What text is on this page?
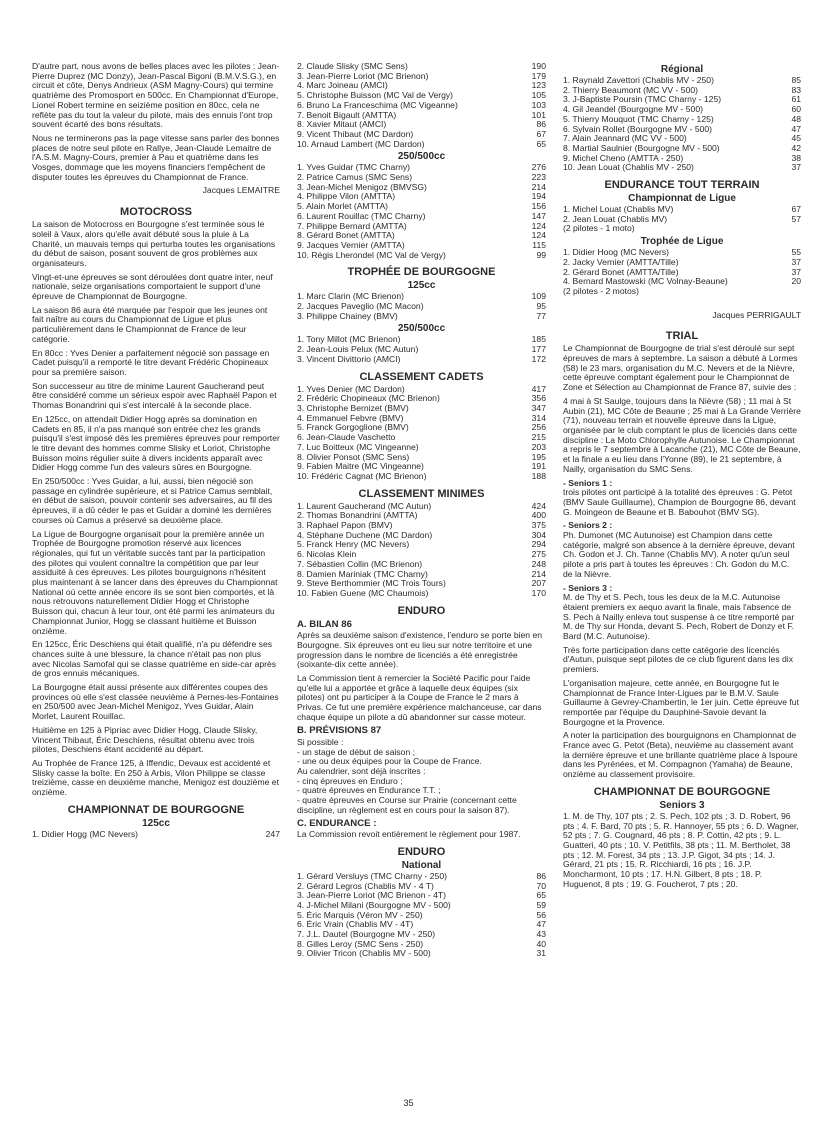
D'autre part, nous avons de belles places avec les pilotes : Jean-Pierre Duprez (MC Donzy), Jean-Pascal Bigoni (B.M.V.S.G.), en circuit et côte, Denys Andrieux (ASM Magny-Cours) qui termine quatrième des Promosport en 500cc. En Championnat d'Europe, Lionel Robert termine en seizième position en 80cc, cela ne reflète pas du tout la valeur du pilote, mais des ennuis l'ont trop souvent écarté des bons résultats.

Nous ne terminerons pas la page vitesse sans parler des bonnes places de notre seul pilote en Rallye, Jean-Claude Lemaitre de l'A.S.M. Magny-Cours, premier à Pau et quatrième dans les Vosges, dommage que les moyens financiers l'empêchent de disputer toutes les épreuves du Championnat de France.

Jacques LEMAITRE

MOTOCROSS

La saison de Motocross en Bourgogne s'est terminée sous le soleil à Vaux, alors qu'elle avait débuté sous la pluie à La Charité, un mauvais temps qui perturba toutes les organisations du début de saison, posant souvent de gros problèmes aux organisateurs.

Vingt-et-une épreuves se sont déroulées dont quatre inter, neuf nationale, seize organisations comportaient le support d'une épreuve de Championnat de Bourgogne.

La saison 86 aura été marquée par l'espoir que les jeunes ont fait naître au cours du Championnat de Ligue et plus particulièrement dans le Championnat de France de leur catégorie.

En 80cc : Yves Denier a parfaitement négocié son passage en Cadet puisqu'il a remporté le titre devant Frédéric Chopineaux pour sa première saison.

Son successeur au titre de minime Laurent Gaucherand peut être considéré comme un sérieux espoir avec Raphaël Papon et Thomas Bonandrini qui s'est intercalé à la seconde place.

En 125cc, on attendait Didier Hogg après sa domination en Cadets en 85, il n'a pas manqué son entrée chez les grands puisqu'il s'est imposé dès les premières épreuves pour remporter le titre devant des hommes comme Slisky et Loriot, Christophe Buisson moins régulier suite à divers incidents apparaît avec Didier Hogg comme l'un des valeurs sûres en Bourgogne.

En 250/500cc : Yves Guidar, a lui, aussi, bien négocié son passage en cylindrée supérieure, et si Patrice Camus semblait, en début de saison, pouvoir contenir ses adversaires, au fil des épreuves, il a dû céder le pas et Guidar a dominé les dernières courses où Camus a préservé sa deuxième place.

La Ligue de Bourgogne organisait pour la première année un Trophée de Bourgogne promotion réservé aux licences régionales, qui fut un véritable succès tant par la participation des pilotes qui voulent connaître la compétition que par leur assiduité à ces épreuves. Les pilotes bourguignons n'hésitent plus maintenant à se lancer dans des épreuves du Championnat National où cette année encore ils se sont bien comportés, et là nous retrouvons naturellement Didier Hogg et Christophe Buisson qui, chacun à leur tour, ont été parmi les animateurs du Championnat Junior, Hogg se classant huitième et Buisson onzième.

En 125cc, Éric Deschiens qui était qualifié, n'a pu défendre ses chances suite à une blessure, la chance n'était pas non plus avec Nicolas Samofal qui se classe quatrième en side-car après de gros ennuis mécaniques.

La Bourgogne était aussi présente aux différentes coupes des provinces où elle s'est classée neuvième à Pernes-les-Fontaines en 250/500 avec Jean-Michel Menigoz, Yves Guidar, Alain Morlet, Laurent Rouillac.

Huitième en 125 à Pipriac avec Didier Hogg, Claude Slisky, Vincent Thibaut, Éric Deschiens, résultat obtenu avec trois pilotes, Deschiens étant accidenté au départ.

Au Trophée de France 125, à Iffendic, Devaux est accidenté et Slisky casse la boîte. En 250 à Arbis, Vilon Philippe se classe treizième, casse en deuxième manche, Menigoz est douzième et onzième.

CHAMPIONNAT DE BOURGOGNE
125cc
1. Didier Hogg (MC Nevers)	247
2. Claude Slisky (SMC Sens)	190
3. Jean-Pierre Loriot (MC Brienon)	179
4. Marc Joineau (AMCI)	123
5. Christophe Buisson (MC Val de Vergy)	105
6. Bruno La Franceschima (MC Vigeanne)	103
7. Benoit Bigault (AMTTA)	101
8. Xavier Mitaut (AMCI)	86
9. Vicent Thibaut (MC Dardon)	67
10. Arnaud Lambert (MC Dardon)	65
250/500cc
1. Yves Guidar (TMC Charny)	276
2. Patrice Camus (SMC Sens)	223
3. Jean-Michel Menigoz (BMVSG)	214
4. Philippe Vilon (AMTTA)	194
5. Alain Morlet (AMTTA)	156
6. Laurent Rouillac (TMC Charny)	147
7. Philippe Bernard (AMTTA)	124
8. Gérard Bonet (AMTTA)	124
9. Jacques Vernier (AMTTA)	115
10. Régis Lherondel (MC Val de Vergy)	99
TROPHÉE DE BOURGOGNE
125cc
1. Marc Clarin (MC Brienon)	109
2. Jacques Paveglio (MC Macon)	95
3. Philippe Chainey (BMV)	77
250/500cc
1. Tony Millot (MC Brienon)	185
2. Jean-Louis Pelux (MC Autun)	177
3. Vincent Divittorio (AMCI)	172
CLASSEMENT CADETS
1. Yves Denier (MC Dardon)	417
2. Frédéric Chopineaux (MC Brienon)	356
3. Christophe Bernizet (BMV)	347
4. Emmanuel Febvre (BMV)	314
5. Franck Gorgoglione (BMV)	256
6. Jean-Claude Vaschetto	215
7. Luc Boitteux (MC Vingeanne)	203
8. Olivier Ponsot (SMC Sens)	195
9. Fabien Maitre (MC Vingeanne)	191
10. Frédéric Cagnat (MC Brienon)	188
CLASSEMENT MINIMES
1. Laurent Gaucherand (MC Autun)	424
2. Thomas Bonandrini (AMTTA)	400
3. Raphael Papon (BMV)	375
4. Stéphane Duchene (MC Dardon)	304
5. Franck Henry (MC Nevers)	294
6. Nicolas Klein	275
7. Sébastien Collin (MC Brienon)	248
8. Damien Mariniak (TMC Charny)	214
9. Steve Berthommier (MC Trois Tours)	207
10. Fabien Guene (MC Chaumois)	170
ENDURO
A. BILAN 86

Après sa deuxième saison d'existence, l'enduro se porte bien en Bourgogne. Six épreuves ont eu lieu sur notre territoire et une progression dans le nombre de licenciés a été enregistrée (soixante-dix cette année).

La Commission tient à remercier la Société Pacific pour l'aide qu'elle lui a apportée et grâce à laquelle deux équipes (six pilotes) ont pu participer à la Coupe de France le 2 mars à Privas. Ce fut une première expérience malchanceuse, car dans chaque équipe un pilote a dû abandonner sur casse moteur.

B. PRÉVISIONS 87
Si possible :
- un stage de début de saison ;
- une ou deux équipes pour la Coupe de France.
Au calendrier, sont déjà inscrites :
- cinq épreuves en Enduro ;
- quatre épreuves en Endurance T.T. ;
- quatre épreuves en Course sur Prairie (concernant cette discipline, un règlement est en cours pour la saison 87).
C. ENDURANCE :

La Commission revoit entièrement le règlement pour 1987.

ENDURO
National
1. Gérard Versluys (TMC Charny - 250)	86
2. Gérard Legros (Chablis MV - 4 T)	70
3. Jean-Pierre Loriot (MC Brienon - 4T)	65
4. J-Michel Milani (Bourgogne MV - 500)	59
5. Éric Marquis (Véron MV - 250)	56
6. Éric Vrain (Chablis MV - 4T)	47
7. J.L. Dautel (Bourgogne MV - 250)	43
8. Gilles Leroy (SMC Sens - 250)	40
9. Olivier Tricon (Chablis MV - 500)	31
Régional
1. Raynald Zavettori (Chablis MV - 250)	85
2. Thierry Beaumont (MC VV - 500)	83
3. J-Baptiste Poursin (TMC Charny - 125)	61
4. Gil Jeandel (Bourgogne MV - 500)	60
5. Thierry Mouquot (TMC Charny - 125)	48
6. Sylvain Rollet (Bourgogne MV - 500)	47
7. Alain Jeannard (MC VV - 500)	45
8. Martial Saulnier (Bourgogne MV - 500)	42
9. Michel Cheno (AMTTA - 250)	38
10. Jean Louat (Chablis MV - 250)	37
ENDURANCE TOUT TERRAIN
Championnat de Ligue
1. Michel Louat (Chablis MV)	67
2. Jean Louat (Chablis MV)	57
(2 pilotes - 1 moto)
Trophée de Ligue
1. Didier Hoog (MC Nevers)	55
2. Jacky Vernier (AMTTA/Tille)	37
2. Gérard Bonet (AMTTA/Tille)	37
4. Bernard Mastowski (MC Volnay-Beaune)	20
(2 pilotes - 2 motos)

Jacques PERRIGAULT

TRIAL

Le Championnat de Bourgogne de trial s'est déroulé sur sept épreuves de mars à septembre. La saison a débuté à Lormes (58) le 23 mars, organisation du M.C. Nevers et de la Nièvre, cette épreuve comptant également pour le Championnat de Zone et Sélection au Championnat de France 87, suivie des :

4 mai à St Saulge, toujours dans la Nièvre (58) ; 11 mai à St Aubin (21), MC Côte de Beaune ; 25 mai à La Grande Verrière (71), nouveau terrain et nouvelle épreuve dans la Ligue, organisée par le club comptant le plus de licenciés dans cette discipline : La Moto Chlorophylle Autunoise. Le Championnat a repris le 7 septembre à Lacanche (21), MC Côte de Beaune, et la finale a eu lieu dans l'Yonne (89), le 21 septembre, à Nailly, organisation du SMC Sens.

- Seniors 1 :

trois pilotes ont participé à la totalité des épreuves : G. Petot (BMV Saule Guillaume), Champion de Bourgogne 86, devant G. Moingeon de Beaune et B. Babouhot (BMV SG).

- Seniors 2 :

Ph. Dumonet (MC Autunoise) est Champion dans cette catégorie, malgré son absence à la dernière épreuve, devant Ch. Godon et J. Ch. Tanne (Chablis MV). A noter qu'un seul pilote a pris part à toutes les épreuves : Ch. Godon du M.C. de la Nièvre.

- Seniors 3 :

M. de Thy et S. Pech, tous les deux de la M.C. Autunoise étaient premiers ex aequo avant la finale, mais l'absence de S. Pech à Nailly enleva tout suspense à ce titre remporté par M. de Thy sur Honda, devant S. Pech, Robert de Donzy et F. Bard (M.C. Autunoise).

Très forte participation dans cette catégorie des licenciés d'Autun, puisque sept pilotes de ce club figurent dans les dix premiers.

L'organisation majeure, cette année, en Bourgogne fut le Championnat de France Inter-Ligues par le B.M.V. Saule Guillaume à Gevrey-Chambertin, le 1er juin. Cette épreuve fut remportée par l'équipe du Dauphiné-Savoie devant la Bourgogne et la Provence.

A noter la participation des bourguignons en Championnat de France avec G. Petot (Beta), neuvième au classement avant la dernière épreuve et une brillante quatrième place à Ispoure dans les Pyrénées, et M. Compagnon (Yamaha) de Beaune, onzième au classement provisoire.

CHAMPIONNAT DE BOURGOGNE
Seniors 3

1. M. de Thy, 107 pts ; 2. S. Pech, 102 pts ; 3. D. Robert, 96 pts ; 4. F. Bard, 70 pts ; 5. R. Hannoyer, 55 pts ; 6. D. Wagner, 52 pts ; 7. G. Cougnard, 46 pts ; 8. P. Cottin, 42 pts ; 9. L. Guatteri, 40 pts ; 10. V. Petitfils, 38 pts ; 11. M. Bertholet, 38 pts ; 12. M. Forest, 34 pts ; 13. J.P. Gigot, 34 pts ; 14. J. Gérard, 21 pts ; 15. R. Ricchiardi, 16 pts ; 16. J.P. Moncharmont, 10 pts ; 17. H.N. Gilbert, 8 pts ; 18. P. Huguenot, 8 pts ; 19. G. Foucherot, 7 pts ; 20.

35
